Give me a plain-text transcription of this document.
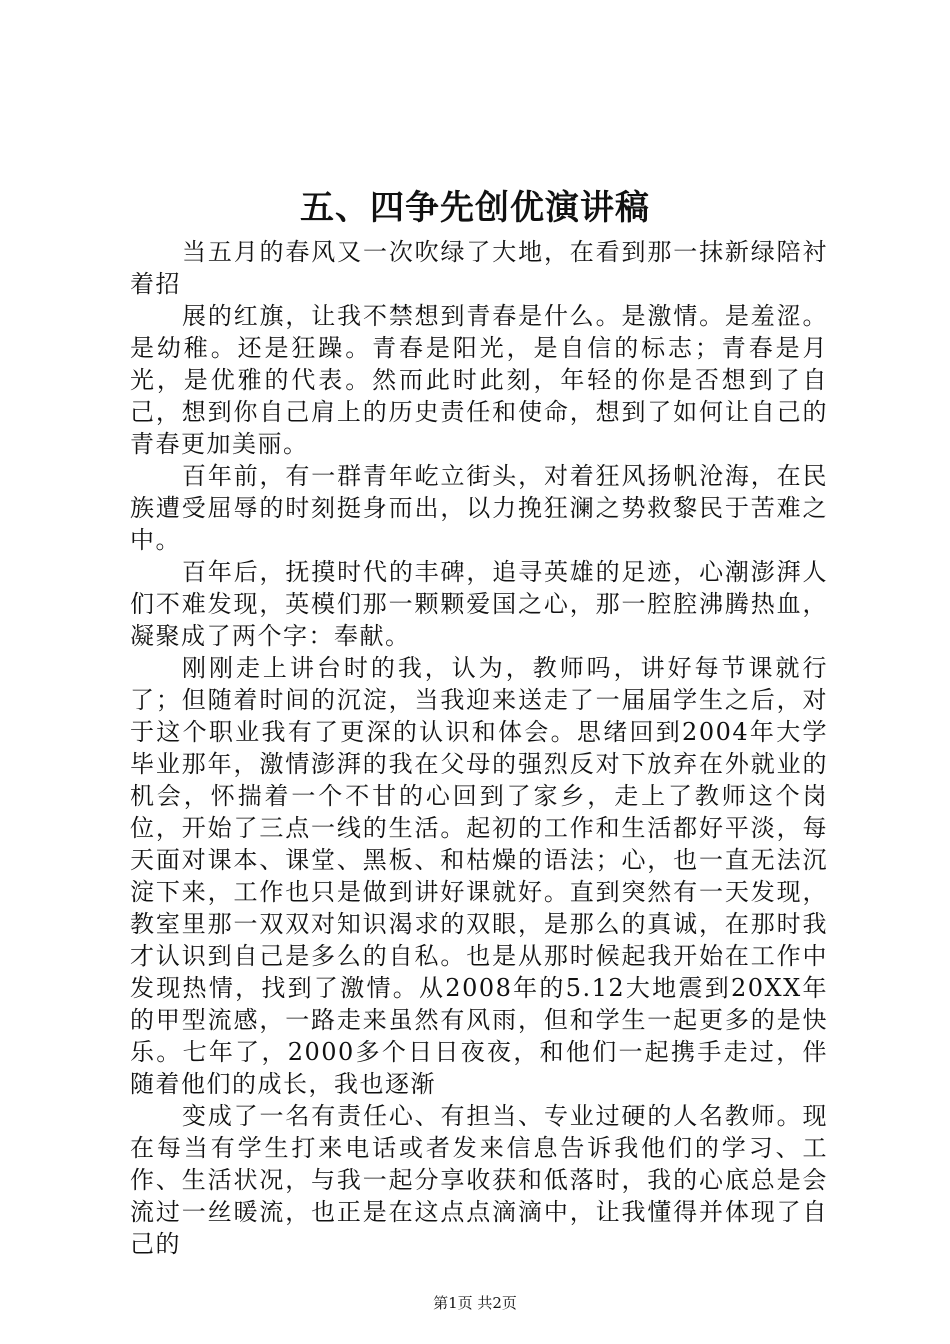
五、四争先创优演讲稿

当五月的春风又一次吹绿了大地，在看到那一抹新绿陪衬着招

展的红旗，让我不禁想到青春是什么。是激情。是羞涩。是幼稚。还是狂躁。青春是阳光，是自信的标志；青春是月光，是优雅的代表。然而此时此刻，年轻的你是否想到了自己，想到你自己肩上的历史责任和使命，想到了如何让自己的青春更加美丽。

百年前，有一群青年屹立街头，对着狂风扬帆沧海，在民族遭受屈辱的时刻挺身而出，以力挽狂澜之势救黎民于苦难之中。

百年后，抚摸时代的丰碑，追寻英雄的足迹，心潮澎湃人们不难发现，英模们那一颗颗爱国之心，那一腔腔沸腾热血，凝聚成了两个字：奉献。

刚刚走上讲台时的我，认为，教师吗，讲好每节课就行了；但随着时间的沉淀，当我迎来送走了一届届学生之后，对于这个职业我有了更深的认识和体会。思绪回到2004年大学毕业那年，激情澎湃的我在父母的强烈反对下放弃在外就业的机会，怀揣着一个不甘的心回到了家乡，走上了教师这个岗位，开始了三点一线的生活。起初的工作和生活都好平淡，每天面对课本、课堂、黑板、和枯燥的语法；心，也一直无法沉淀下来，工作也只是做到讲好课就好。直到突然有一天发现，教室里那一双双对知识渴求的双眼，是那么的真诚，在那时我才认识到自己是多么的自私。也是从那时候起我开始在工作中发现热情，找到了激情。从2008年的5.12大地震到20XX年的甲型流感，一路走来虽然有风雨，但和学生一起更多的是快乐。七年了，2000多个日日夜夜，和他们一起携手走过，伴随着他们的成长，我也逐渐

变成了一名有责任心、有担当、专业过硬的人名教师。现在每当有学生打来电话或者发来信息告诉我他们的学习、工作、生活状况，与我一起分享收获和低落时，我的心底总是会流过一丝暖流，也正是在这点点滴滴中，让我懂得并体现了自己的

第1页 共2页
